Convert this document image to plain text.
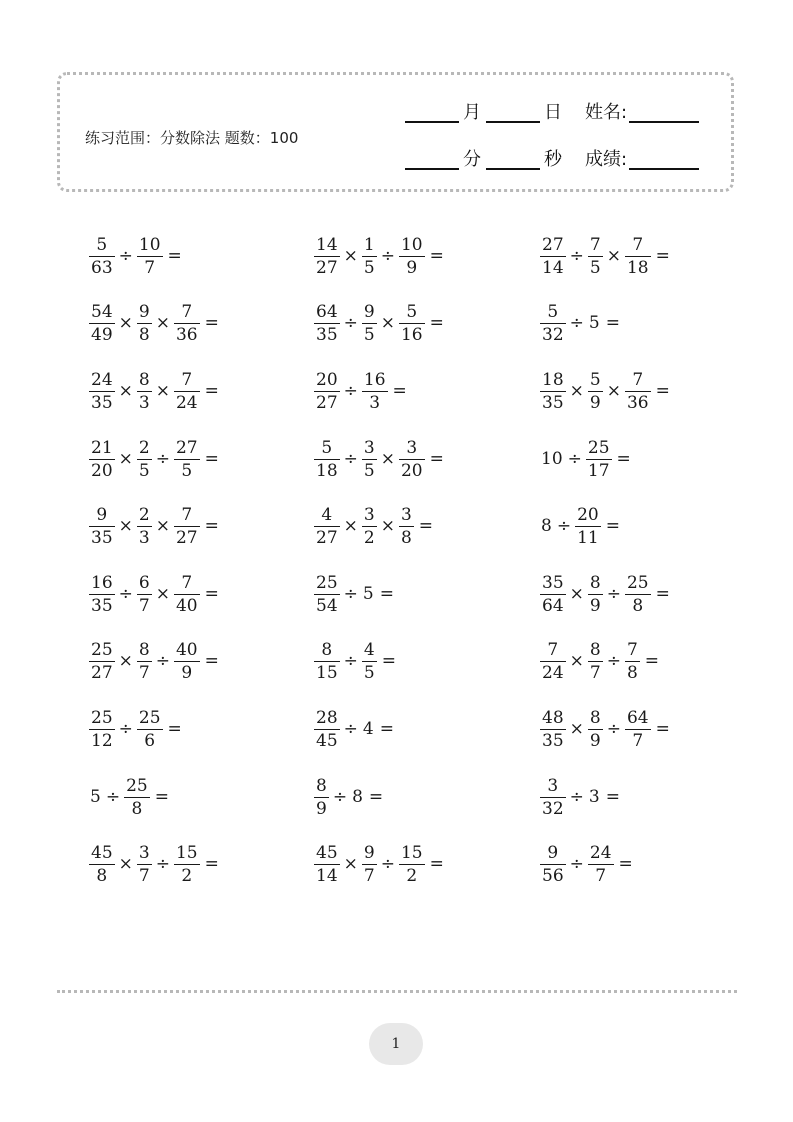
练习范围：分数除法 题数：100
月	日 姓名:
分	秒 成绩:
$\frac{5}{63} \div \frac{10}{7}$ =
$\frac{54}{49} \times \frac{9}{8} \times \frac{7}{36}$ =
$\frac{24}{35} \times \frac{8}{3} \times \frac{7}{24}$ =
$\frac{21}{20} \times \frac{2}{5} \div \frac{27}{5}$ =
$\frac{9}{35} \times \frac{2}{3} \times \frac{7}{27}$ =
$\frac{16}{35} \div \frac{6}{7} \times \frac{7}{40}$ =
$\frac{25}{27} \times \frac{8}{7} \div \frac{40}{9}$ =
$\frac{25}{12} \div \frac{25}{6}$ =
$5 \div \frac{25}{8}$ =
$\frac{45}{8} \times \frac{3}{7} \div \frac{15}{2}$ =
$\frac{14}{27} \times \frac{1}{5} \div \frac{10}{9}$ =
$\frac{64}{35} \div \frac{9}{5} \times \frac{5}{16}$ =
$\frac{20}{27} \div \frac{16}{3}$ =
$\frac{5}{18} \div \frac{3}{5} \times \frac{3}{20}$ =
$\frac{4}{27} \times \frac{3}{2} \times \frac{3}{8}$ =
$\frac{25}{54} \div 5$ =
$\frac{8}{15} \div \frac{4}{5}$ =
$\frac{28}{45} \div 4$ =
$\frac{8}{9} \div 8$ =
$\frac{45}{14} \times \frac{9}{7} \div \frac{15}{2}$ =
$\frac{27}{14} \div \frac{7}{5} \times \frac{7}{18}$ =
$\frac{5}{32} \div 5$ =
$\frac{18}{35} \times \frac{5}{9} \times \frac{7}{36}$ =
$10 \div \frac{25}{17}$ =
$8 \div \frac{20}{11}$ =
$\frac{35}{64} \times \frac{8}{9} \div \frac{25}{8}$ =
$\frac{7}{24} \times \frac{8}{7} \div \frac{7}{8}$ =
$\frac{48}{35} \times \frac{8}{9} \div \frac{64}{7}$ =
$\frac{3}{32} \div 3$ =
$\frac{9}{56} \div \frac{24}{7}$ =
1
